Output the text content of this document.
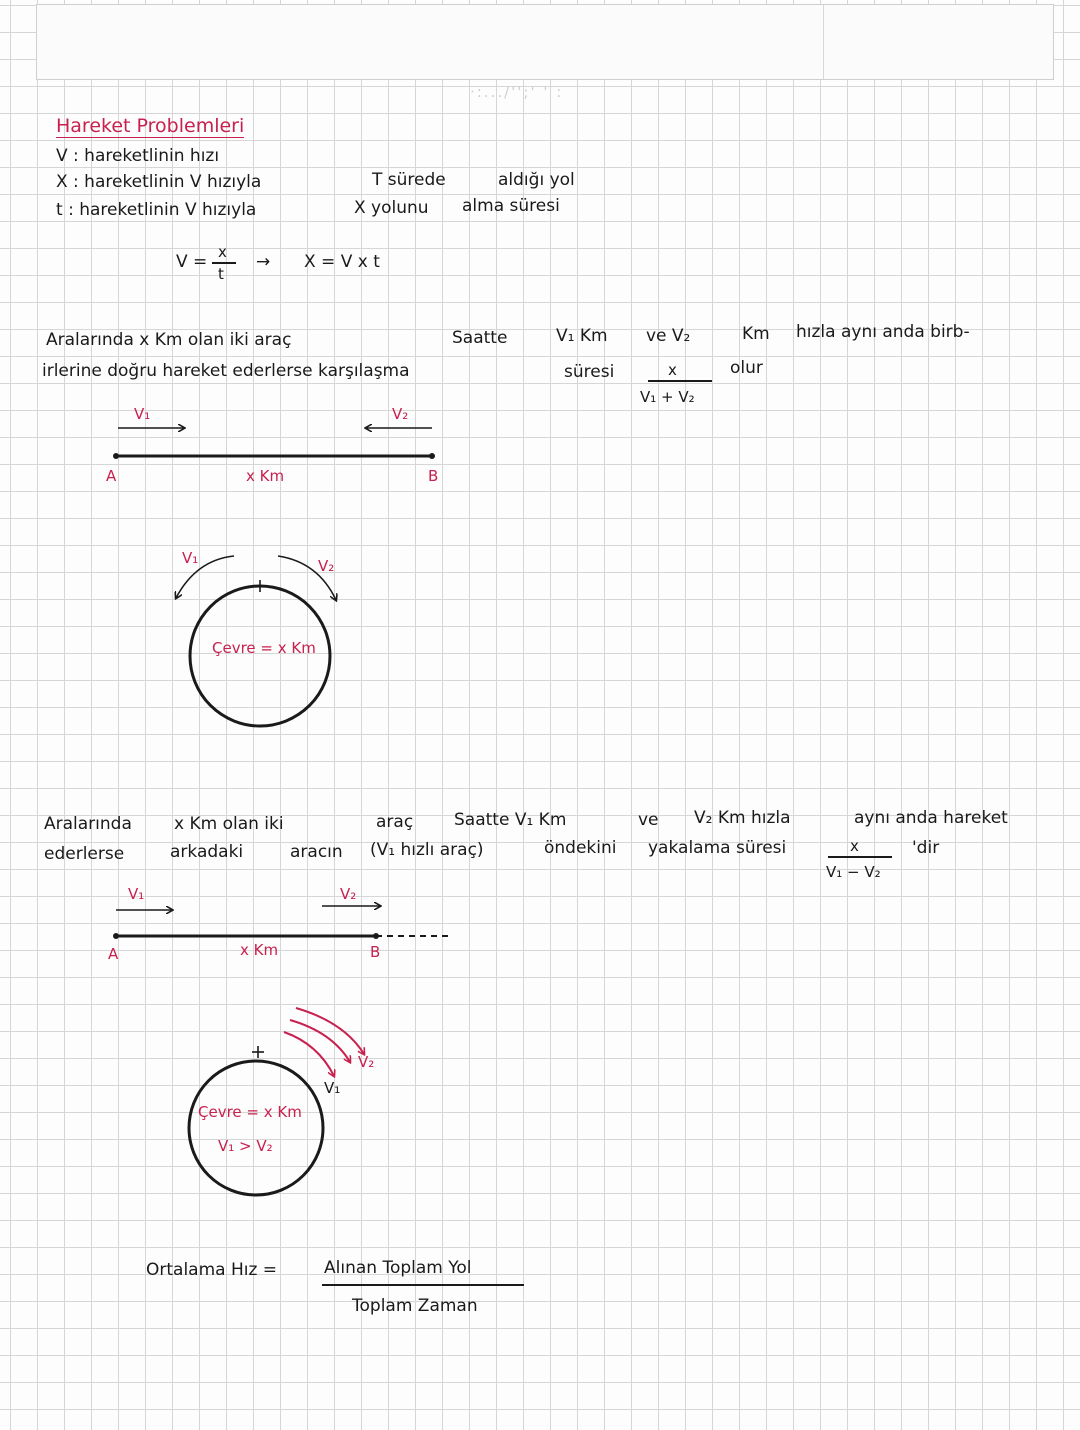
·:.../'';' ' :
Hareket Problemleri
V : hareketlinin hızı
X : hareketlinin V hızıyla	T sürede	aldığı yol
t : hareketlinin V hızıyla	X yolunu alma süresi
V = x
t
→ X = V x t
Aralarında x Km olan iki araç	Saatte	V₁ Km ve V₂	Km hızla aynı anda birb-
irlerine doğru hareket ederlerse karşılaşma	süresi	x
V₁ + V₂
olur
V₁	V₂
A	B
x Km
V₁	V₂
Çevre = x Km
Aralarında x Km olan iki	araç Saatte V₁ Km	ve V₂ Km hızla	aynı anda hareket
ederlerse	arkadaki	aracın (V₁ hızlı araç)	öndekini yakalama süresi	x
V₁ − V₂
'dir
V₁	V₂
A	B
x Km
V₁
V₂
Çevre = x Km
V₁ > V₂
Ortalama Hız =	Alınan Toplam Yol
Toplam Zaman
